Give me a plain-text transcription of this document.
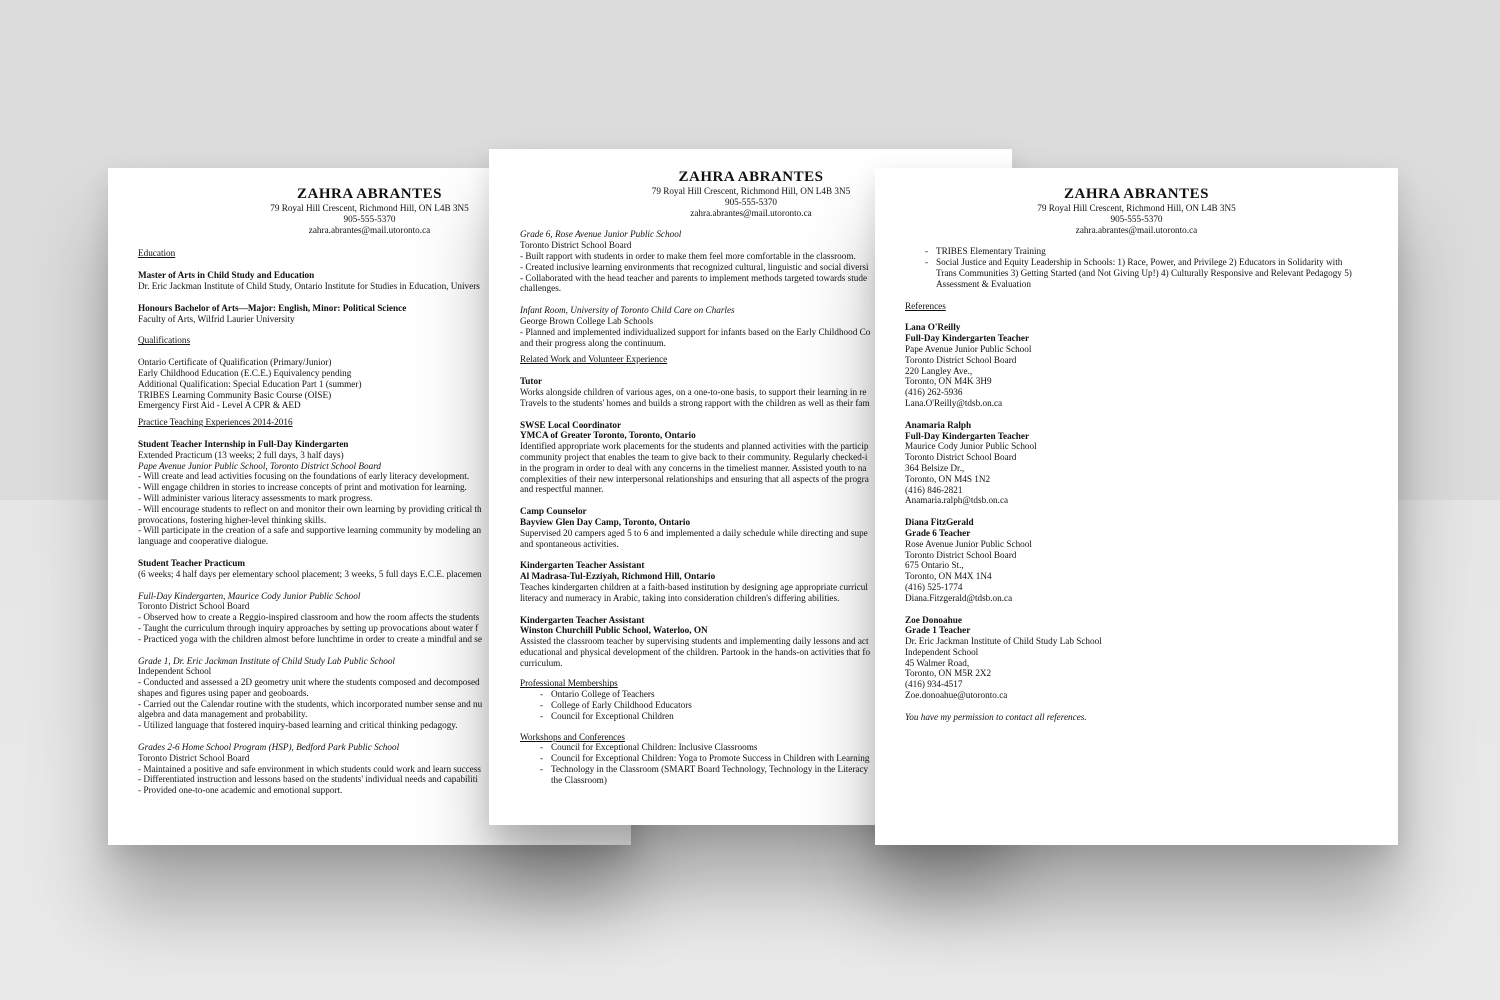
ZAHRA ABRANTES
79 Royal Hill Crescent, Richmond Hill, ON L4B 3N5
905-555-5370
zahra.abrantes@mail.utoronto.ca
Education
Master of Arts in Child Study and Education
Dr. Eric Jackman Institute of Child Study, Ontario Institute for Studies in Education, Univers
Honours Bachelor of Arts—Major: English, Minor: Political Science
Faculty of Arts, Wilfrid Laurier University
Qualifications
Ontario Certificate of Qualification (Primary/Junior)
Early Childhood Education (E.C.E.) Equivalency pending
Additional Qualification: Special Education Part 1 (summer)
TRIBES Learning Community Basic Course (OISE)
Emergency First Aid - Level A CPR & AED
Practice Teaching Experiences 2014-2016
Student Teacher Internship in Full-Day Kindergarten
Extended Practicum (13 weeks; 2 full days, 3 half days)
Pape Avenue Junior Public School, Toronto District School Board
- Will create and lead activities focusing on the foundations of early literacy development.
- Will engage children in stories to increase concepts of print and motivation for learning.
- Will administer various literacy assessments to mark progress.
- Will encourage students to reflect on and monitor their own learning by providing critical th
provocations, fostering higher-level thinking skills.
- Will participate in the creation of a safe and supportive learning community by modeling an
language and cooperative dialogue.
Student Teacher Practicum
(6 weeks; 4 half days per elementary school placement; 3 weeks, 5 full days E.C.E. placemen
Full-Day Kindergarten, Maurice Cody Junior Public School
Toronto District School Board
- Observed how to create a Reggio-inspired classroom and how the room affects the students
- Taught the curriculum through inquiry approaches by setting up provocations about water f
- Practiced yoga with the children almost before lunchtime in order to create a mindful and se
Grade 1, Dr. Eric Jackman Institute of Child Study Lab Public School
Independent School
- Conducted and assessed a 2D geometry unit where the students composed and decomposed
shapes and figures using paper and geoboards.
- Carried out the Calendar routine with the students, which incorporated number sense and nu
algebra and data management and probability.
- Utilized language that fostered inquiry-based learning and critical thinking pedagogy.
Grades 2-6 Home School Program (HSP), Bedford Park Public School
Toronto District School Board
- Maintained a positive and safe environment in which students could work and learn success
- Differentiated instruction and lessons based on the students' individual needs and capabiliti
- Provided one-to-one academic and emotional support.
ZAHRA ABRANTES
79 Royal Hill Crescent, Richmond Hill, ON L4B 3N5
905-555-5370
zahra.abrantes@mail.utoronto.ca
Grade 6, Rose Avenue Junior Public School
Toronto District School Board
- Built rapport with students in order to make them feel more comfortable in the classroom.
- Created inclusive learning environments that recognized cultural, linguistic and social diversi
- Collaborated with the head teacher and parents to implement methods targeted towards stude
challenges.
Infant Room, University of Toronto Child Care on Charles
George Brown College Lab Schools
- Planned and implemented individualized support for infants based on the Early Childhood Co
and their progress along the continuum.
Related Work and Volunteer Experience
Tutor
Works alongside children of various ages, on a one-to-one basis, to support their learning in re
Travels to the students' homes and builds a strong rapport with the children as well as their fam
SWSE Local Coordinator
YMCA of Greater Toronto, Toronto, Ontario
Identified appropriate work placements for the students and planned activities with the particip
community project that enables the team to give back to their community. Regularly checked-i
in the program in order to deal with any concerns in the timeliest manner. Assisted youth to na
complexities of their new interpersonal relationships and ensuring that all aspects of the progra
and respectful manner.
Camp Counselor
Bayview Glen Day Camp, Toronto, Ontario
Supervised 20 campers aged 5 to 6 and implemented a daily schedule while directing and supe
and spontaneous activities.
Kindergarten Teacher Assistant
Al Madrasa-Tul-Ezziyah, Richmond Hill, Ontario
Teaches kindergarten children at a faith-based institution by designing age appropriate curricul
literacy and numeracy in Arabic, taking into consideration children's differing abilities.
Kindergarten Teacher Assistant
Winston Churchill Public School, Waterloo, ON
Assisted the classroom teacher by supervising students and implementing daily lessons and act
educational and physical development of the children. Partook in the hands-on activities that fo
curriculum.
Professional Memberships
- Ontario College of Teachers
- College of Early Childhood Educators
- Council for Exceptional Children
Workshops and Conferences
- Council for Exceptional Children: Inclusive Classrooms
- Council for Exceptional Children: Yoga to Promote Success in Children with Learning
- Technology in the Classroom (SMART Board Technology, Technology in the Literacy
the Classroom)
ZAHRA ABRANTES
79 Royal Hill Crescent, Richmond Hill, ON L4B 3N5
905-555-5370
zahra.abrantes@mail.utoronto.ca
- TRIBES Elementary Training
- Social Justice and Equity Leadership in Schools: 1) Race, Power, and Privilege 2) Educators in Solidarity with Trans Communities 3) Getting Started (and Not Giving Up!) 4) Culturally Responsive and Relevant Pedagogy 5) Assessment & Evaluation
References
Lana O'Reilly
Full-Day Kindergarten Teacher
Pape Avenue Junior Public School
Toronto District School Board
220 Langley Ave.,
Toronto, ON M4K 3H9
(416) 262-5936
Lana.O'Reilly@tdsb.on.ca
Anamaria Ralph
Full-Day Kindergarten Teacher
Maurice Cody Junior Public School
Toronto District School Board
364 Belsize Dr.,
Toronto, ON M4S 1N2
(416) 846-2821
Anamaria.ralph@tdsb.on.ca
Diana FitzGerald
Grade 6 Teacher
Rose Avenue Junior Public School
Toronto District School Board
675 Ontario St.,
Toronto, ON M4X 1N4
(416) 525-1774
Diana.Fitzgerald@tdsb.on.ca
Zoe Donoahue
Grade 1 Teacher
Dr. Eric Jackman Institute of Child Study Lab School
Independent School
45 Walmer Road,
Toronto, ON M5R 2X2
(416) 934-4517
Zoe.donoahue@utoronto.ca
You have my permission to contact all references.
